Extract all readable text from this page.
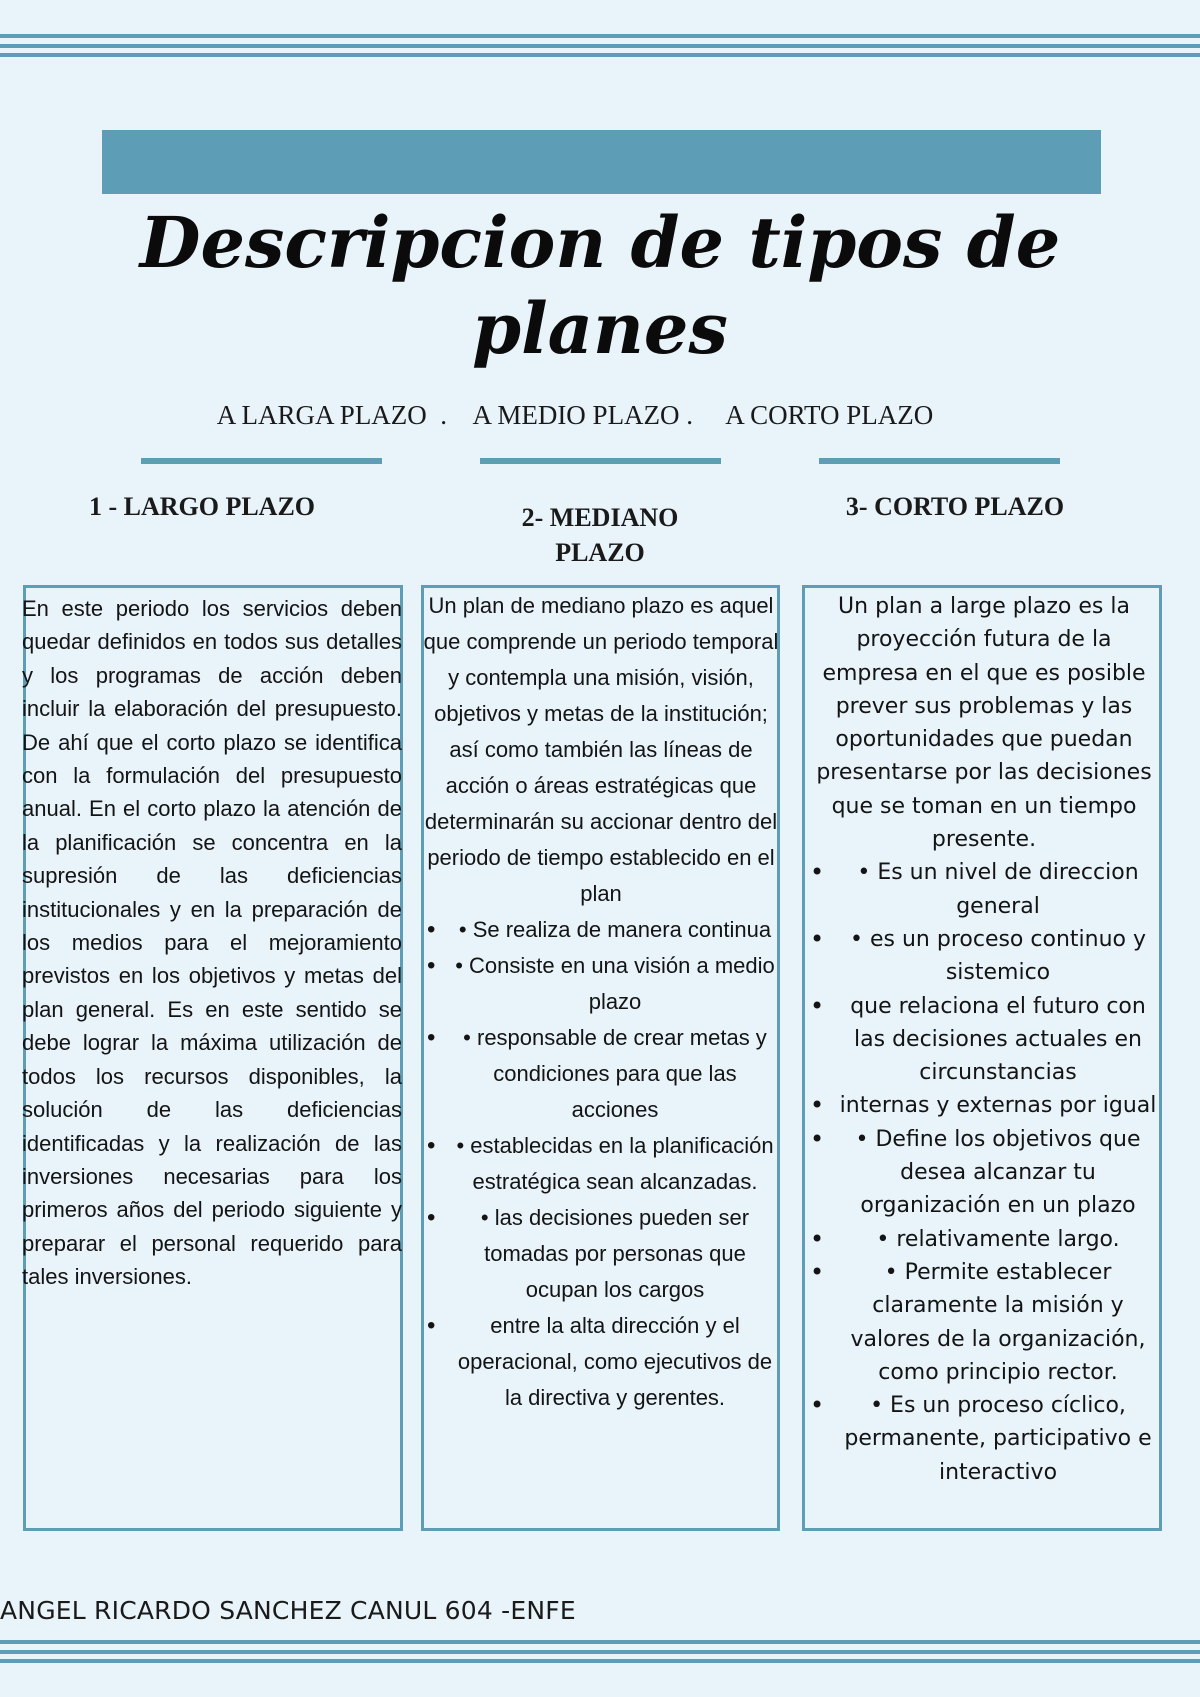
Descripcion de tipos de planes
A LARGA PLAZO  .    A MEDIO PLAZO .     A CORTO PLAZO
1 - LARGO PLAZO	2- MEDIANO PLAZO
3- CORTO PLAZO
En este periodo los servicios deben quedar definidos en todos sus detalles y los programas de acción deben incluir la elaboración del presupuesto. De ahí que el corto plazo se identifica con la formulación del presupuesto anual. En el corto plazo la atención de la planificación se concentra en la supresión de las deficiencias institucionales y en la preparación de los medios para el mejoramiento previstos en los objetivos y metas del plan general. Es en este sentido se debe lograr la máxima utilización de todos los recursos disponibles, la solución de las deficiencias identificadas y la realización de las inversiones necesarias para los primeros años del periodo siguiente y preparar el personal requerido para tales inversiones.
Un plan de mediano plazo es aquel que comprende un periodo temporal y contempla una misión, visión, objetivos y metas de la institución; así como también las líneas de acción o áreas estratégicas que determinarán su accionar dentro del periodo de tiempo establecido en el plan
• • Se realiza de manera continua
• • Consiste en una visión a medio plazo
• • responsable de crear metas y condiciones para que las acciones
• • establecidas en la planificación estratégica sean alcanzadas.
• • las decisiones pueden ser tomadas por personas que ocupan los cargos
• entre la alta dirección y el operacional, como ejecutivos de la directiva y gerentes.
Un plan a large plazo es la proyección futura de la empresa en el que es posible prever sus problemas y las oportunidades que puedan presentarse por las decisiones que se toman en un tiempo presente.
• • Es un nivel de direccion general
• • es un proceso continuo y sistemico
• que relaciona el futuro con las decisiones actuales en circunstancias
• internas y externas por igual
• • Define los objetivos que desea alcanzar tu organización en un plazo
• • relativamente largo.
• • Permite establecer claramente la misión y valores de la organización, como principio rector.
• • Es un proceso cíclico, permanente, participativo e interactivo
ANGEL RICARDO SANCHEZ CANUL 604 -ENFE
